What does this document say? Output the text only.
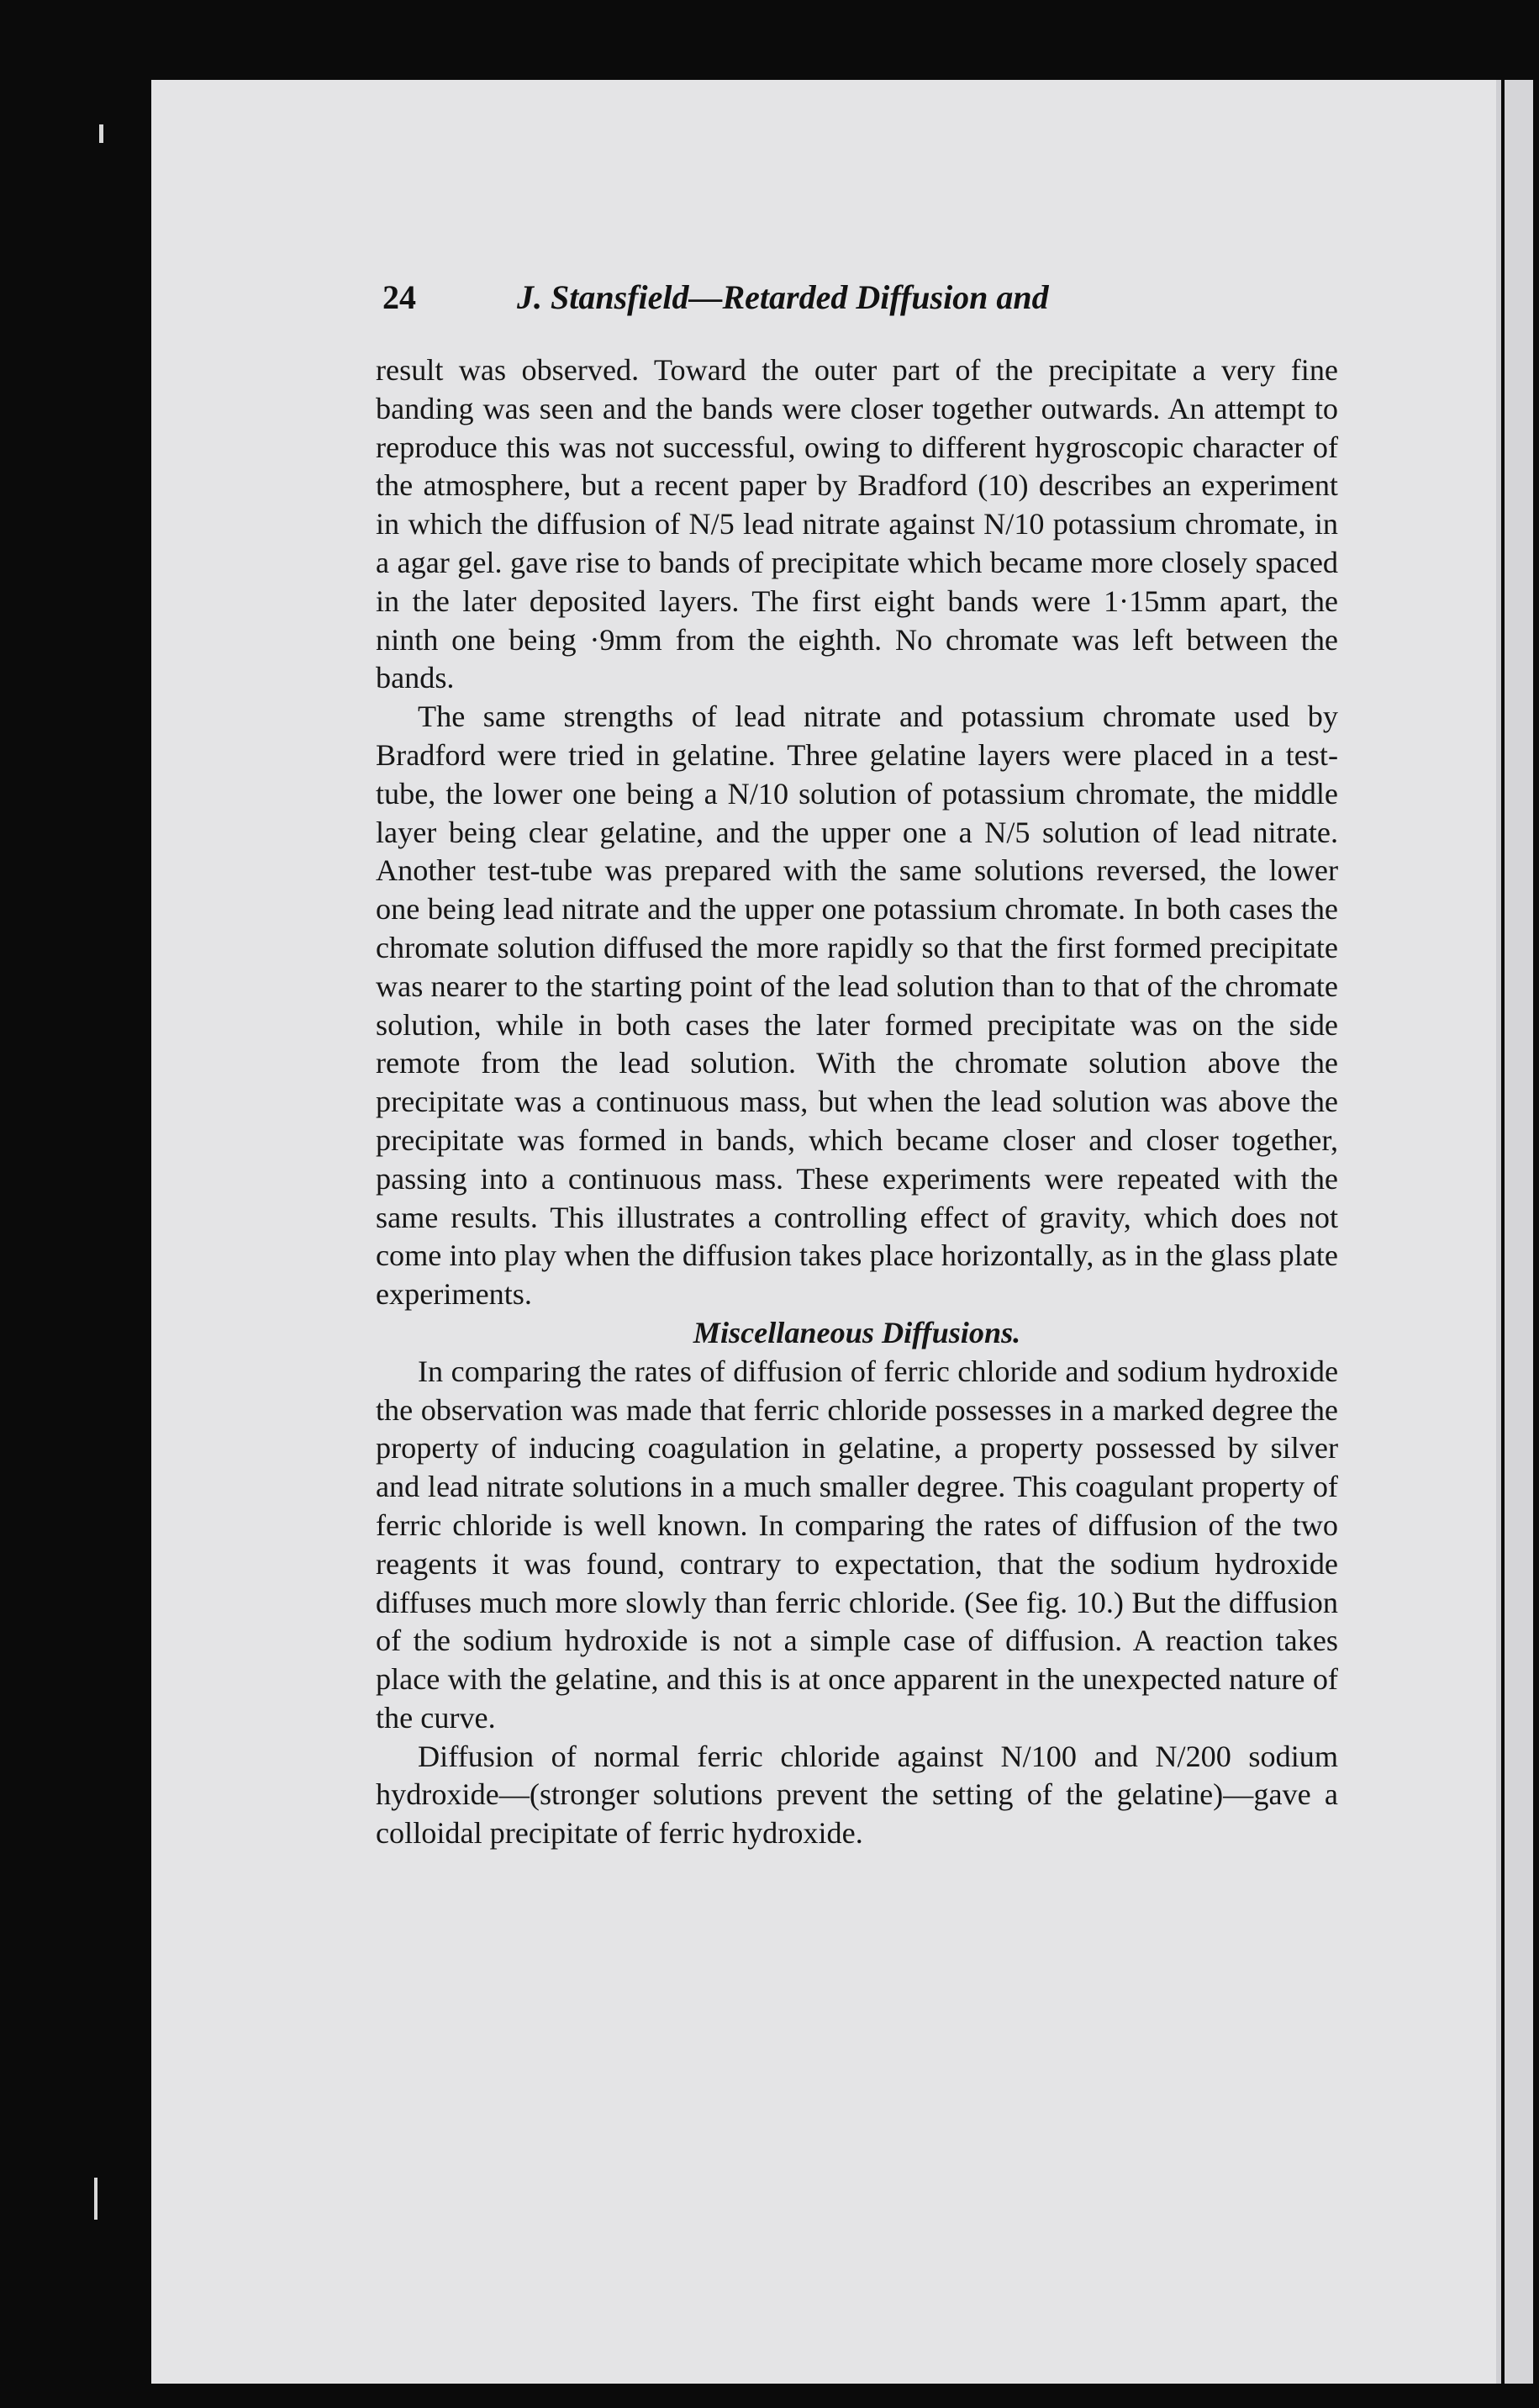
24	J. Stansfield—Retarded Diffusion and

result was observed. Toward the outer part of the precipitate a very fine banding was seen and the bands were closer together outwards. An attempt to reproduce this was not successful, owing to different hygroscopic character of the atmosphere, but a recent paper by Bradford (10) describes an experiment in which the diffusion of N/5 lead nitrate against N/10 potassium chromate, in a agar gel. gave rise to bands of precipitate which became more closely spaced in the later deposited layers. The first eight bands were 1·15mm apart, the ninth one being ·9mm from the eighth. No chromate was left between the bands.

The same strengths of lead nitrate and potassium chromate used by Bradford were tried in gelatine. Three gelatine layers were placed in a test-tube, the lower one being a N/10 solution of potassium chromate, the middle layer being clear gelatine, and the upper one a N/5 solution of lead nitrate. Another test-tube was prepared with the same solutions reversed, the lower one being lead nitrate and the upper one potassium chromate. In both cases the chromate solution diffused the more rapidly so that the first formed precipitate was nearer to the starting point of the lead solution than to that of the chromate solution, while in both cases the later formed precipitate was on the side remote from the lead solution. With the chromate solution above the precipitate was a continuous mass, but when the lead solution was above the precipitate was formed in bands, which became closer and closer together, passing into a continuous mass. These experiments were repeated with the same results. This illustrates a controlling effect of gravity, which does not come into play when the diffusion takes place horizontally, as in the glass plate experiments.

Miscellaneous Diffusions.

In comparing the rates of diffusion of ferric chloride and sodium hydroxide the observation was made that ferric chloride possesses in a marked degree the property of inducing coagulation in gelatine, a property possessed by silver and lead nitrate solutions in a much smaller degree. This coagulant property of ferric chloride is well known. In comparing the rates of diffusion of the two reagents it was found, contrary to expectation, that the sodium hydroxide diffuses much more slowly than ferric chloride. (See fig. 10.) But the diffusion of the sodium hydroxide is not a simple case of diffusion. A reaction takes place with the gelatine, and this is at once apparent in the unexpected nature of the curve.

Diffusion of normal ferric chloride against N/100 and N/200 sodium hydroxide—(stronger solutions prevent the setting of the gelatine)—gave a colloidal precipitate of ferric hydroxide.
